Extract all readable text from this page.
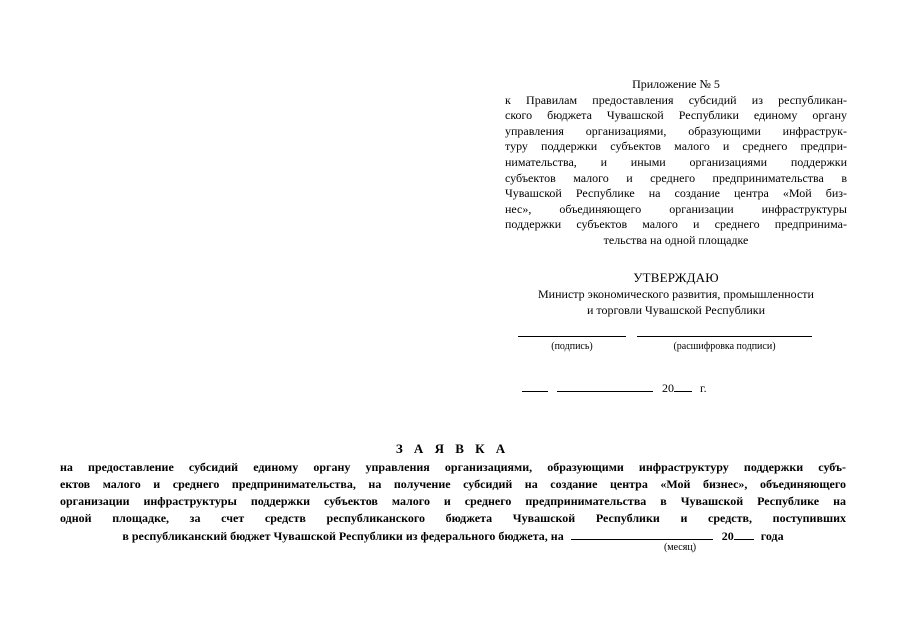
Приложение № 5
к Правилам предоставления субсидий из республикан-
ского бюджета Чувашской Республики единому органу
управления организациями, образующими инфраструк-
туру поддержки субъектов малого и среднего предпри-
нимательства, и иными организациями поддержки
субъектов малого и среднего предпринимательства в
Чувашской Республике на создание центра «Мой биз-
нес», объединяющего организации инфраструктуры
поддержки субъектов малого и среднего предпринима-
тельства на одной площадке
УТВЕРЖДАЮ
Министр экономического развития, промышленности
и торговли Чувашской Республики
(подпись)	(расшифровка подписи)
20 г.
З А Я В К А
на предоставление субсидий единому органу управления организациями, образующими инфраструктуру поддержки субъ-
ектов малого и среднего предпринимательства, на получение субсидий на создание центра «Мой бизнес», объединяющего
организации инфраструктуры поддержки субъектов малого и среднего предпринимательства в Чувашской Республике на
одной площадке, за счет средств республиканского бюджета Чувашской Республики и средств, поступивших
в республиканский бюджет Чувашской Республики из федерального бюджета, на	20 года
(месяц)
